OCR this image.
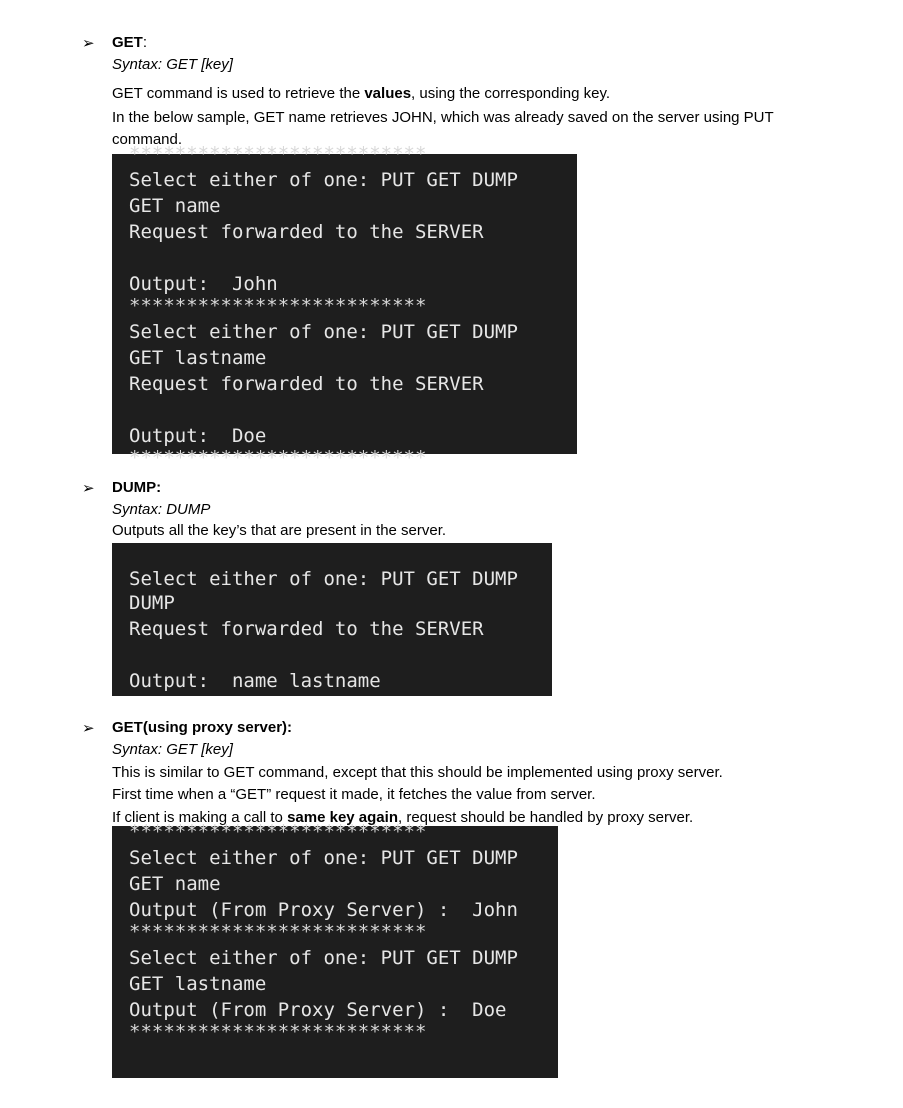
➢ GET:
Syntax: GET [key]
GET command is used to retrieve the values, using the corresponding key.
In the below sample, GET name retrieves JOHN, which was already saved on the server using PUT
command.
**************************
Select either of one: PUT GET DUMP
GET name
Request forwarded to the SERVER
Output:  John
**************************
Select either of one: PUT GET DUMP
GET lastname
Request forwarded to the SERVER
Output:  Doe
**************************
➢ DUMP:
Syntax: DUMP
Outputs all the key’s that are present in the server.
Select either of one: PUT GET DUMP
DUMP
Request forwarded to the SERVER
Output:  name lastname
➢ GET(using proxy server):
Syntax: GET [key]
This is similar to GET command, except that this should be implemented using proxy server.
First time when a “GET” request it made, it fetches the value from server.
If client is making a call to same key again, request should be handled by proxy server.
**************************
Select either of one: PUT GET DUMP
GET name
Output (From Proxy Server) :  John
**************************
Select either of one: PUT GET DUMP
GET lastname
Output (From Proxy Server) :  Doe
**************************
